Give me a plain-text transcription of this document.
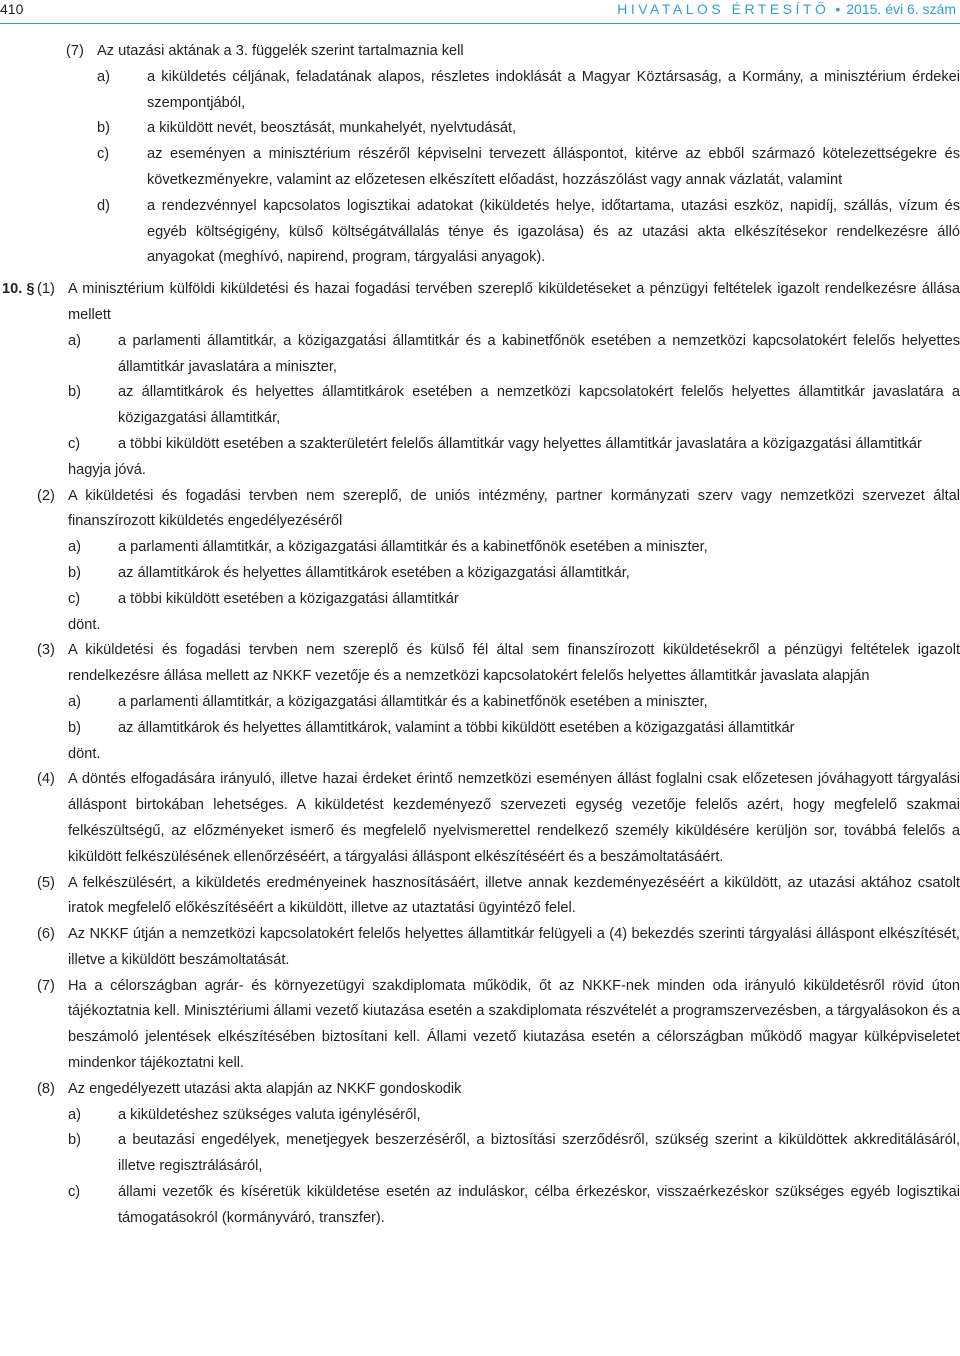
410	HIVATALOS ÉRTESÍTŐ • 2015. évi 6. szám
(7) Az utazási aktának a 3. függelék szerint tartalmaznia kell
a)	a kiküldetés céljának, feladatának alapos, részletes indoklását a Magyar Köztársaság, a Kormány, a minisztérium érdekei szempontjából,
b)	a kiküldött nevét, beosztását, munkahelyét, nyelvtudását,
c)	az eseményen a minisztérium részéről képviselni tervezett álláspontot, kitérve az ebből származó kötelezettségekre és következményekre, valamint az előzetesen elkészített előadást, hozzászólást vagy annak vázlatát, valamint
d)	a rendezvénnyel kapcsolatos logisztikai adatokat (kiküldetés helye, időtartama, utazási eszköz, napidíj, szállás, vízum és egyéb költségigény, külső költségátvállalás ténye és igazolása) és az utazási akta elkészítésekor rendelkezésre álló anyagokat (meghívó, napirend, program, tárgyalási anyagok).
10. § (1) A minisztérium külföldi kiküldetési és hazai fogadási tervében szereplő kiküldetéseket a pénzügyi feltételek igazolt rendelkezésre állása mellett
a)	a parlamenti államtitkár, a közigazgatási államtitkár és a kabinetfőnök esetében a nemzetközi kapcsolatokért felelős helyettes államtitkár javaslatára a miniszter,
b)	az államtitkárok és helyettes államtitkárok esetében a nemzetközi kapcsolatokért felelős helyettes államtitkár javaslatára a közigazgatási államtitkár,
c)	a többi kiküldött esetében a szakterületért felelős államtitkár vagy helyettes államtitkár javaslatára a közigazgatási államtitkár
hagyja jóvá.
(2) A kiküldetési és fogadási tervben nem szereplő, de uniós intézmény, partner kormányzati szerv vagy nemzetközi szervezet által finanszírozott kiküldetés engedélyezéséről
a)	a parlamenti államtitkár, a közigazgatási államtitkár és a kabinetfőnök esetében a miniszter,
b)	az államtitkárok és helyettes államtitkárok esetében a közigazgatási államtitkár,
c)	a többi kiküldött esetében a közigazgatási államtitkár
dönt.
(3) A kiküldetési és fogadási tervben nem szereplő és külső fél által sem finanszírozott kiküldetésekről a pénzügyi feltételek igazolt rendelkezésre állása mellett az NKKF vezetője és a nemzetközi kapcsolatokért felelős helyettes államtitkár javaslata alapján
a)	a parlamenti államtitkár, a közigazgatási államtitkár és a kabinetfőnök esetében a miniszter,
b)	az államtitkárok és helyettes államtitkárok, valamint a többi kiküldött esetében a közigazgatási államtitkár
dönt.
(4) A döntés elfogadására irányuló, illetve hazai érdeket érintő nemzetközi eseményen állást foglalni csak előzetesen jóváhagyott tárgyalási álláspont birtokában lehetséges. A kiküldetést kezdeményező szervezeti egység vezetője felelős azért, hogy megfelelő szakmai felkészültségű, az előzményeket ismerő és megfelelő nyelvismerettel rendelkező személy kiküldésére kerüljön sor, továbbá felelős a kiküldött felkészülésének ellenőrzéséért, a tárgyalási álláspont elkészítéséért és a beszámoltatásáért.
(5) A felkészülésért, a kiküldetés eredményeinek hasznosításáért, illetve annak kezdeményezéséért a kiküldött, az utazási aktához csatolt iratok megfelelő előkészítéséért a kiküldött, illetve az utaztatási ügyintéző felel.
(6) Az NKKF útján a nemzetközi kapcsolatokért felelős helyettes államtitkár felügyeli a (4) bekezdés szerinti tárgyalási álláspont elkészítését, illetve a kiküldött beszámoltatását.
(7) Ha a célországban agrár- és környezetügyi szakdiplomata működik, őt az NKKF-nek minden oda irányuló kiküldetésről rövid úton tájékoztatnia kell. Minisztériumi állami vezető kiutazása esetén a szakdiplomata részvételét a programszervezésben, a tárgyalásokon és a beszámoló jelentések elkészítésében biztosítani kell. Állami vezető kiutazása esetén a célországban működő magyar külképviseletet mindenkor tájékoztatni kell.
(8) Az engedélyezett utazási akta alapján az NKKF gondoskodik
a)	a kiküldetéshez szükséges valuta igényléséről,
b)	a beutazási engedélyek, menetjegyek beszerzéséről, a biztosítási szerződésről, szükség szerint a kiküldöttek akkreditálásáról, illetve regisztrálásáról,
c)	állami vezetők és kíséretük kiküldetése esetén az induláskor, célba érkezéskor, visszaérkezéskor szükséges egyéb logisztikai támogatásokról (kormányváró, transzfer).
